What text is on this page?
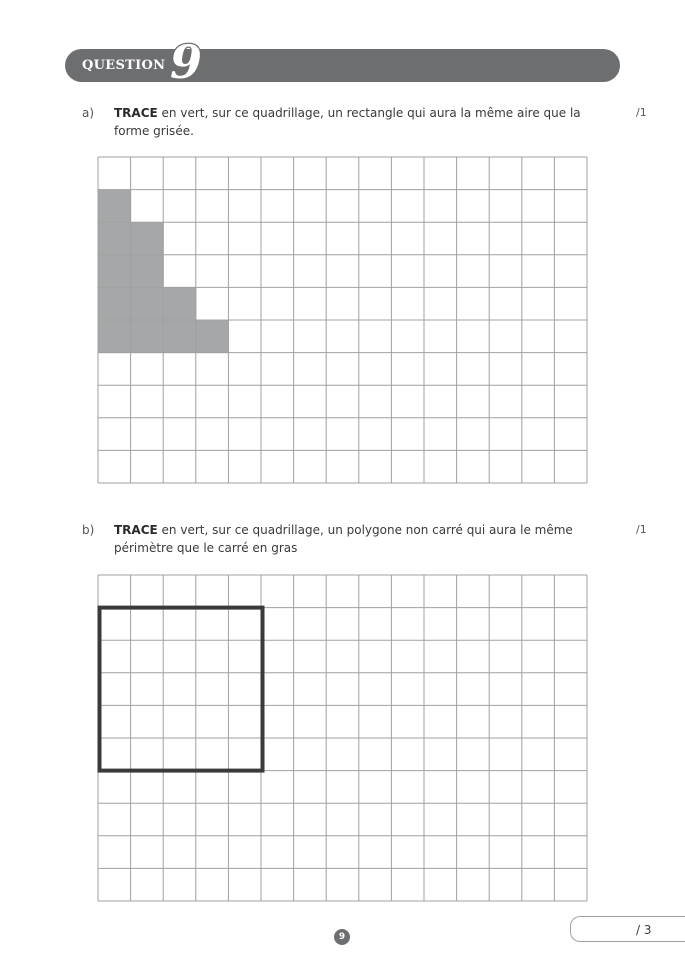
QUESTION 9
a) TRACE en vert, sur ce quadrillage, un rectangle qui aura la même aire que la forme grisée.
/1
b) TRACE en vert, sur ce quadrillage, un polygone non carré qui aura le même périmètre que le carré en gras
/1
/ 3
9
